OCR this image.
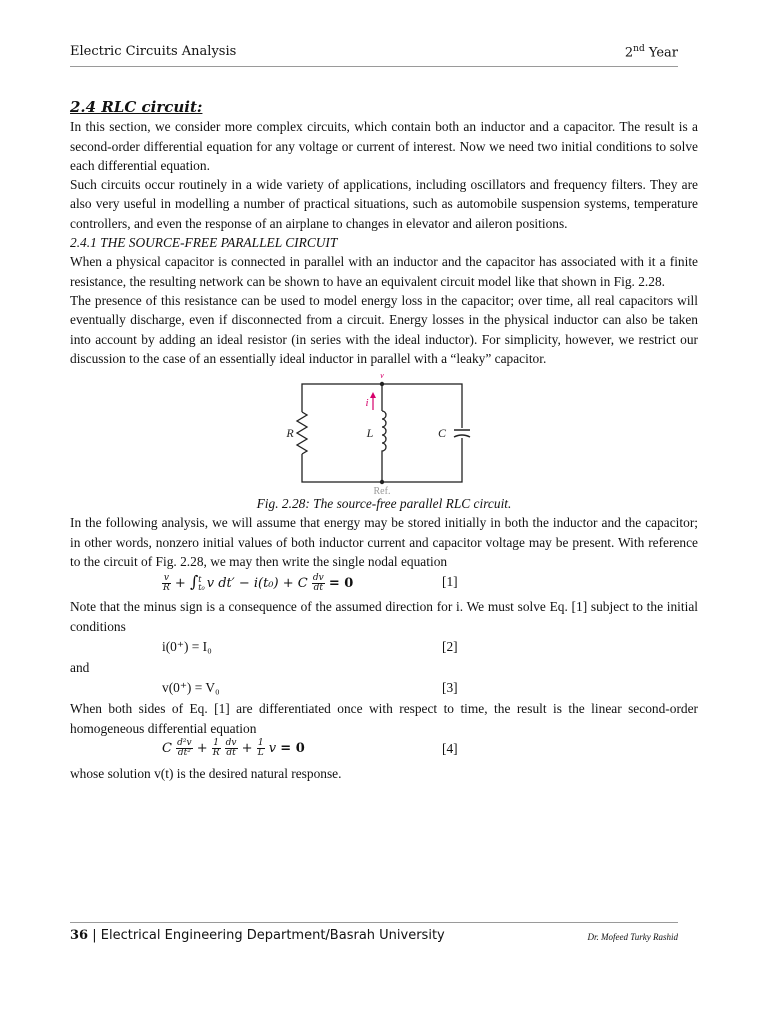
Electric Circuits Analysis	2nd Year

2.4 RLC circuit:

In this section, we consider more complex circuits, which contain both an inductor and a capacitor. The result is a second-order differential equation for any voltage or current of interest. Now we need two initial conditions to solve each differential equation.

Such circuits occur routinely in a wide variety of applications, including oscillators and frequency filters. They are also very useful in modelling a number of practical situations, such as automobile suspension systems, temperature controllers, and even the response of an airplane to changes in elevator and aileron positions.

2.4.1 THE SOURCE-FREE PARALLEL CIRCUIT

When a physical capacitor is connected in parallel with an inductor and the capacitor has associated with it a finite resistance, the resulting network can be shown to have an equivalent circuit model like that shown in Fig. 2.28.

The presence of this resistance can be used to model energy loss in the capacitor; over time, all real capacitors will eventually discharge, even if disconnected from a circuit. Energy losses in the physical inductor can also be taken into account by adding an ideal resistor (in series with the ideal inductor). For simplicity, however, we restrict our discussion to the case of an essentially ideal inductor in parallel with a “leaky” capacitor.

v
i
R	L	C
Ref.

Fig. 2.28: The source-free parallel RLC circuit.

In the following analysis, we will assume that energy may be stored initially in both the inductor and the capacitor; in other words, nonzero initial values of both inductor current and capacitor voltage may be present. With reference to the circuit of Fig. 2.28, we may then write the single nodal equation

$\frac{v}{R}$ + ∫ t
t₀ v dt′ − i(t₀) + C $\frac{dv}{dt} = 0$	[1]

Note that the minus sign is a consequence of the assumed direction for i. We must solve Eq. [1] subject to the initial conditions

i(0⁺) = I₀	[2]

and

v(0⁺) = V₀	[3]

When both sides of Eq. [1] are differentiated once with respect to time, the result is the linear second-order homogeneous differential equation

C $\frac{\text{d²v}}{\text{dt²}} + \frac{1}{R}$
$\frac{dv}{dt} + \frac{1}{L}$ v = 0	[4]

whose solution v(t) is the desired natural response.

36 | Electrical Engineering Department/Basrah University	Dr. Mofeed Turky Rashid
